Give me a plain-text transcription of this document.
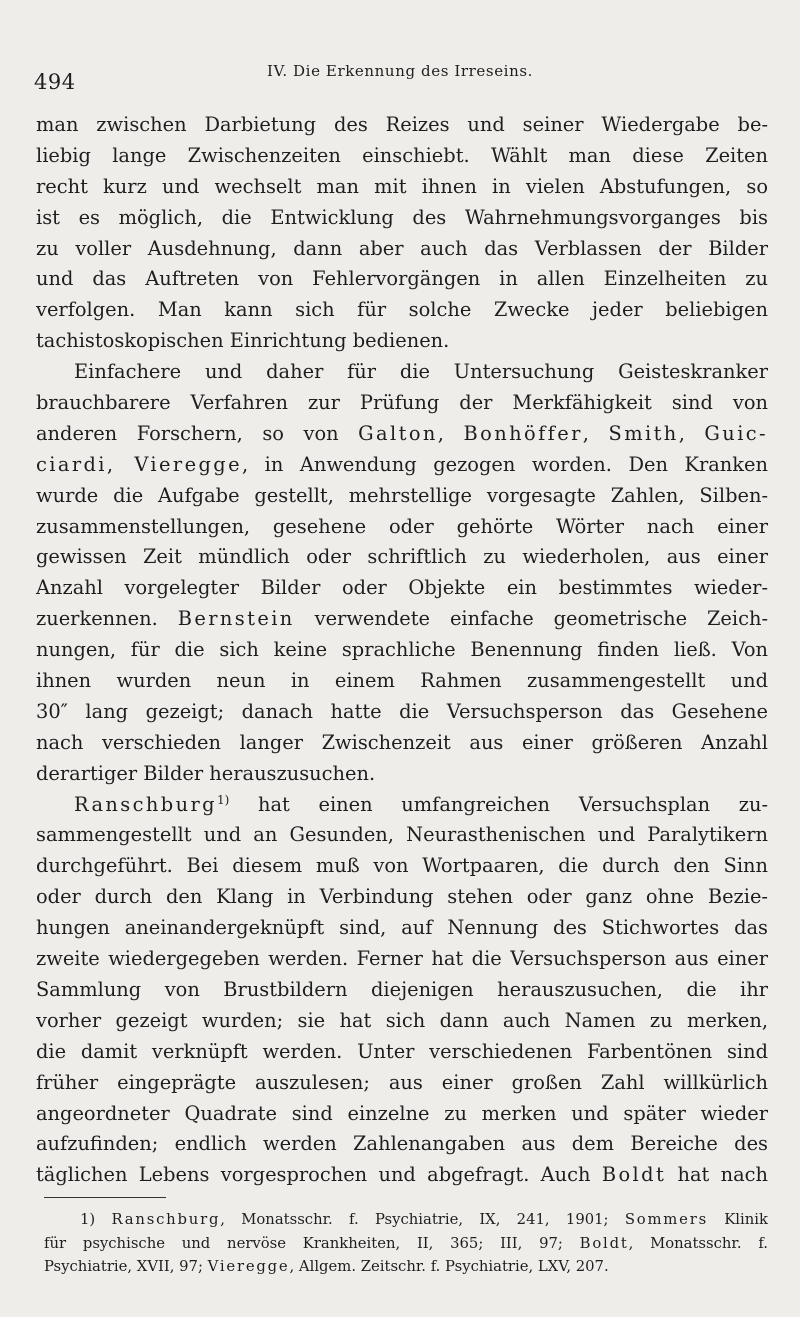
494	IV. Die Erkennung des Irreseins.
man zwischen Darbietung des Reizes und seiner Wiedergabe be-
liebig lange Zwischenzeiten einschiebt. Wählt man diese Zeiten
recht kurz und wechselt man mit ihnen in vielen Abstufungen, so
ist es möglich, die Entwicklung des Wahrnehmungsvorganges bis
zu voller Ausdehnung, dann aber auch das Verblassen der Bilder
und das Auftreten von Fehlervorgängen in allen Einzelheiten zu
verfolgen. Man kann sich für solche Zwecke jeder beliebigen
tachistoskopischen Einrichtung bedienen.
Einfachere und daher für die Untersuchung Geisteskranker
brauchbarere Verfahren zur Prüfung der Merkfähigkeit sind von
anderen Forschern, so von Galton, Bonhöffer, Smith, Guic-
ciardi, Vieregge, in Anwendung gezogen worden. Den Kranken
wurde die Aufgabe gestellt, mehrstellige vorgesagte Zahlen, Silben-
zusammenstellungen, gesehene oder gehörte Wörter nach einer
gewissen Zeit mündlich oder schriftlich zu wiederholen, aus einer
Anzahl vorgelegter Bilder oder Objekte ein bestimmtes wieder-
zuerkennen. Bernstein verwendete einfache geometrische Zeich-
nungen, für die sich keine sprachliche Benennung finden ließ. Von
ihnen wurden neun in einem Rahmen zusammengestellt und
30″ lang gezeigt; danach hatte die Versuchsperson das Gesehene
nach verschieden langer Zwischenzeit aus einer größeren Anzahl
derartiger Bilder herauszusuchen.
Ranschburg$^{1)}$ hat einen umfangreichen Versuchsplan zu-
sammengestellt und an Gesunden, Neurasthenischen und Paralytikern
durchgeführt. Bei diesem muß von Wortpaaren, die durch den Sinn
oder durch den Klang in Verbindung stehen oder ganz ohne Bezie-
hungen aneinandergeknüpft sind, auf Nennung des Stichwortes das
zweite wiedergegeben werden. Ferner hat die Versuchsperson aus einer
Sammlung von Brustbildern diejenigen herauszusuchen, die ihr
vorher gezeigt wurden; sie hat sich dann auch Namen zu merken,
die damit verknüpft werden. Unter verschiedenen Farbentönen sind
früher eingeprägte auszulesen; aus einer großen Zahl willkürlich
angeordneter Quadrate sind einzelne zu merken und später wieder
aufzufinden; endlich werden Zahlenangaben aus dem Bereiche des
täglichen Lebens vorgesprochen und abgefragt. Auch Boldt hat nach
1) Ranschburg, Monatsschr. f. Psychiatrie, IX, 241, 1901; Sommers Klinik
für psychische und nervöse Krankheiten, II, 365; III, 97; Boldt, Monatsschr. f.
Psychiatrie, XVII, 97; Vieregge, Allgem. Zeitschr. f. Psychiatrie, LXV, 207.
